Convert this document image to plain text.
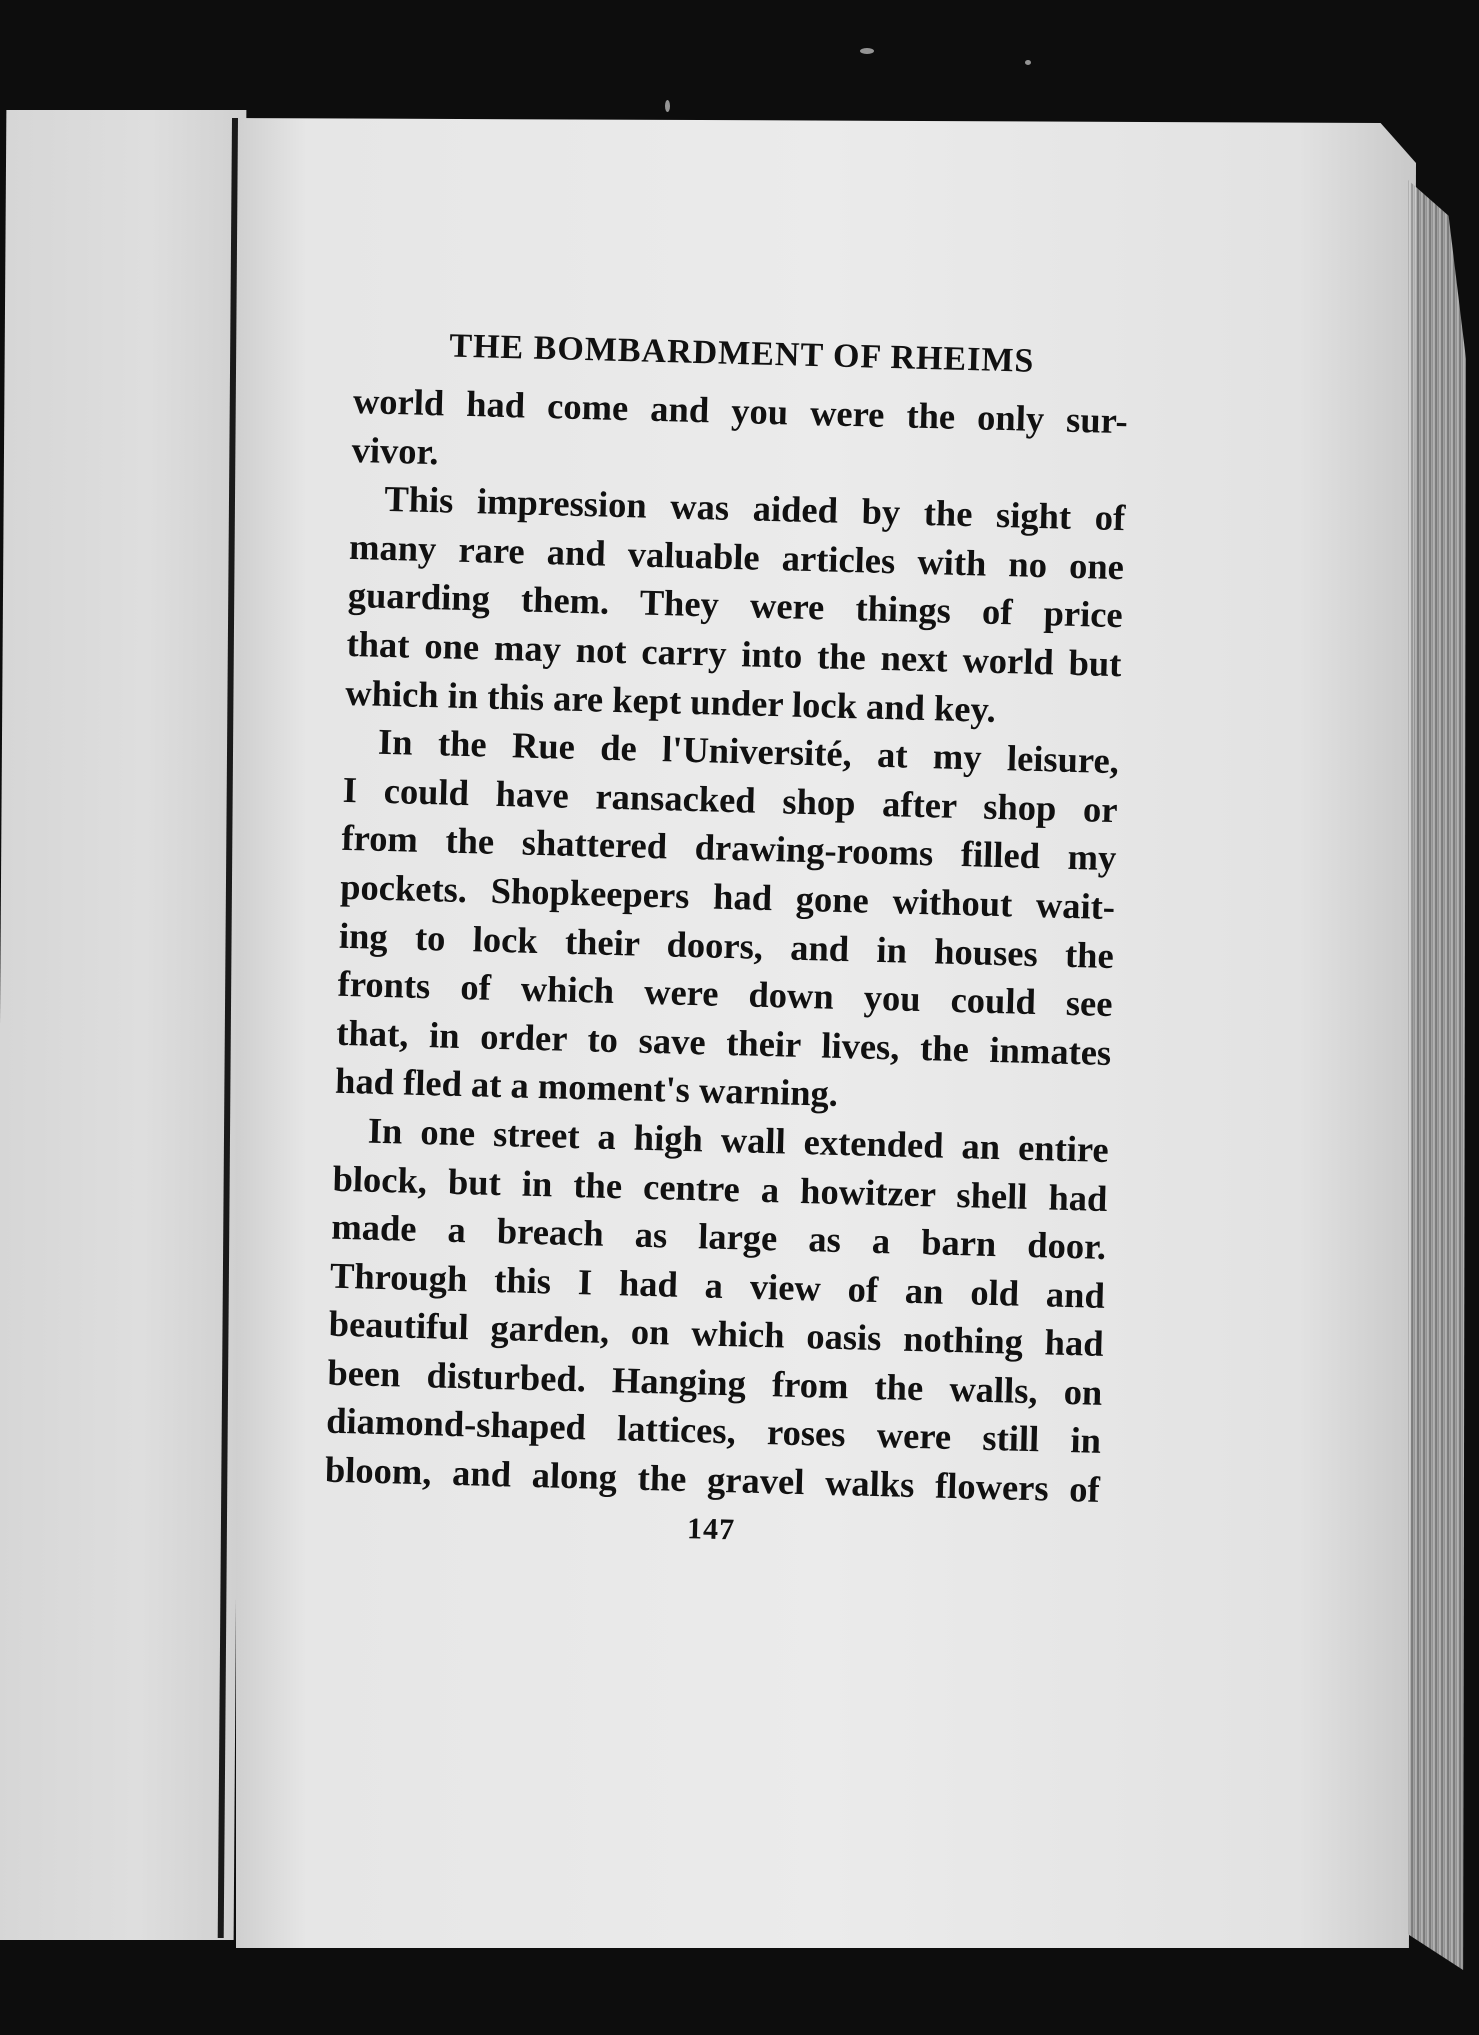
THE BOMBARDMENT OF RHEIMS
world had come and you were the only sur-
vivor.
This impression was aided by the sight of
many rare and valuable articles with no one
guarding them. They were things of price
that one may not carry into the next world but
which in this are kept under lock and key.
In the Rue de l'Université, at my leisure,
I could have ransacked shop after shop or
from the shattered drawing-rooms filled my
pockets. Shopkeepers had gone without wait-
ing to lock their doors, and in houses the
fronts of which were down you could see
that, in order to save their lives, the inmates
had fled at a moment's warning.
In one street a high wall extended an entire
block, but in the centre a howitzer shell had
made a breach as large as a barn door.
Through this I had a view of an old and
beautiful garden, on which oasis nothing had
been disturbed. Hanging from the walls, on
diamond-shaped lattices, roses were still in
bloom, and along the gravel walks flowers of
147
